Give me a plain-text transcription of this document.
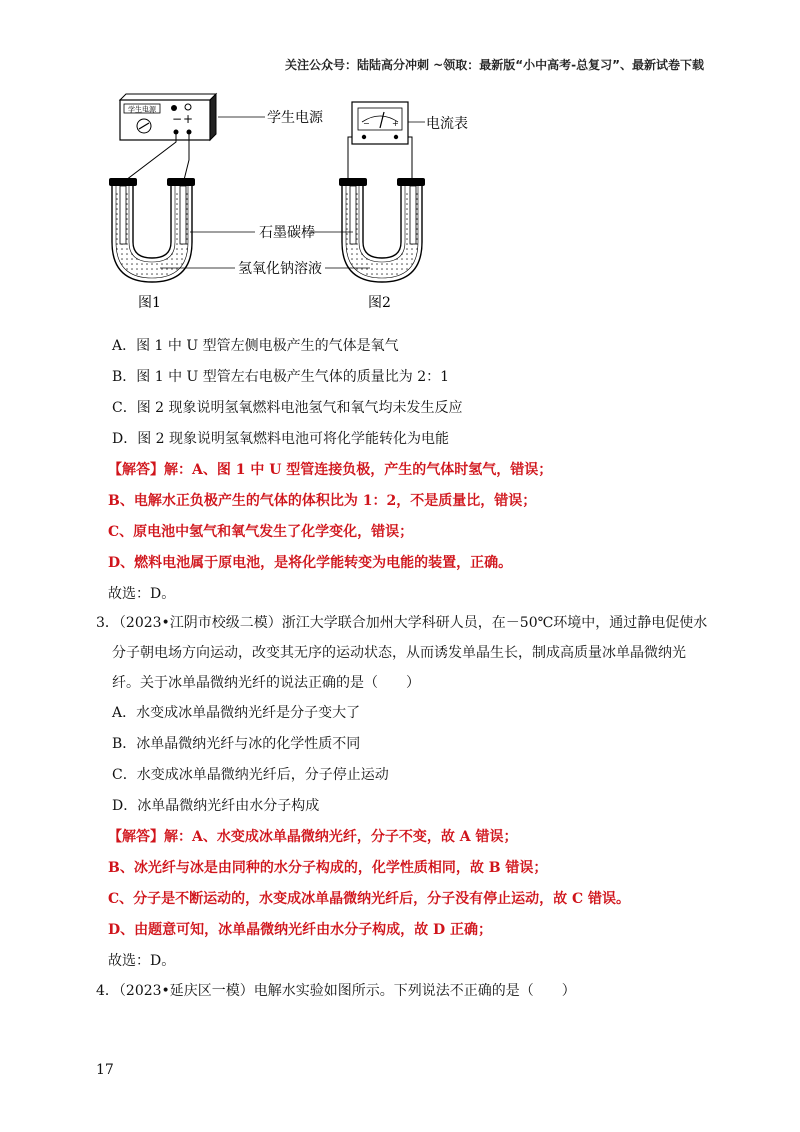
关注公众号：陆陆高分冲刺 ~领取：最新版“小中高考-总复习”、最新试卷下载
学生电源
− +	学生电源
图1
−	+ 电流表
图2
石墨碳棒
氢氧化钠溶液
A．图 1 中 U 型管左侧电极产生的气体是氧气
B．图 1 中 U 型管左右电极产生气体的质量比为 2：1
C．图 2 现象说明氢氧燃料电池氢气和氧气均未发生反应
D．图 2 现象说明氢氧燃料电池可将化学能转化为电能
【解答】解：A、图 1 中 U 型管连接负极，产生的气体时氢气，错误；
B、电解水正负极产生的气体的体积比为 1：2，不是质量比，错误；
C、原电池中氢气和氧气发生了化学变化，错误；
D、燃料电池属于原电池，是将化学能转变为电能的装置，正确。
故选：D。
3．（2023•江阴市校级二模）浙江大学联合加州大学科研人员，在－50℃环境中，通过静电促使水
分子朝电场方向运动，改变其无序的运动状态，从而诱发单晶生长，制成高质量冰单晶微纳光
纤。关于冰单晶微纳光纤的说法正确的是（　　）
A．水变成冰单晶微纳光纤是分子变大了
B．冰单晶微纳光纤与冰的化学性质不同
C．水变成冰单晶微纳光纤后，分子停止运动
D．冰单晶微纳光纤由水分子构成
【解答】解：A、水变成冰单晶微纳光纤，分子不变，故 A 错误；
B、冰光纤与冰是由同种的水分子构成的，化学性质相同，故 B 错误；
C、分子是不断运动的，水变成冰单晶微纳光纤后，分子没有停止运动，故 C 错误。
D、由题意可知，冰单晶微纳光纤由水分子构成，故 D 正确；
故选：D。
4．（2023•延庆区一模）电解水实验如图所示。下列说法不正确的是（　　）
17
